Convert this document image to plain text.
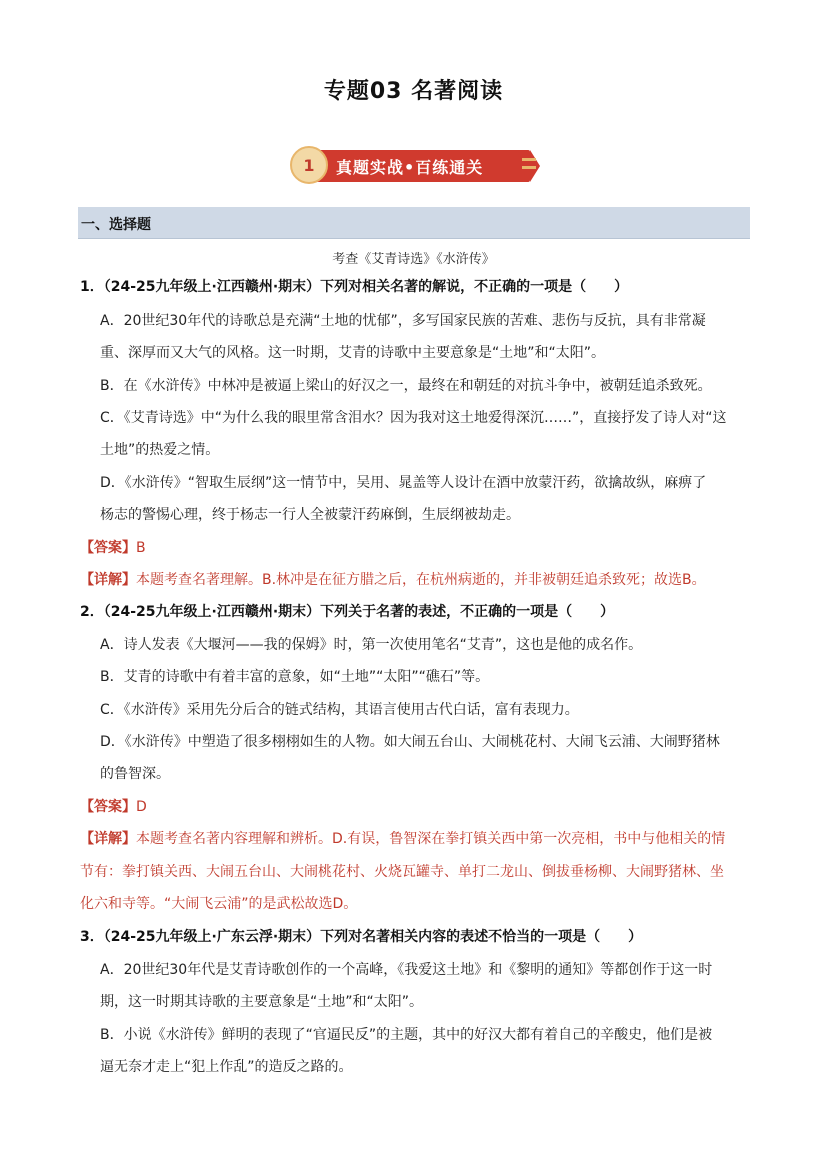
专题03 名著阅读
1	真题实战•百练通关
一、选择题
考查《艾青诗选》《水浒传》
1．（24-25九年级上·江西赣州·期末）下列对相关名著的解说，不正确的一项是（　　）
A．20世纪30年代的诗歌总是充满“土地的忧郁”，多写国家民族的苦难、悲伤与反抗，具有非常凝
重、深厚而又大气的风格。这一时期，艾青的诗歌中主要意象是“土地”和“太阳”。
B．在《水浒传》中林冲是被逼上梁山的好汉之一，最终在和朝廷的对抗斗争中，被朝廷追杀致死。
C．《艾青诗选》中“为什么我的眼里常含泪水？因为我对这土地爱得深沉……”，直接抒发了诗人对“这
土地”的热爱之情。
D．《水浒传》“智取生辰纲”这一情节中，吴用、晁盖等人设计在酒中放蒙汗药，欲擒故纵，麻痹了
杨志的警惕心理，终于杨志一行人全被蒙汗药麻倒，生辰纲被劫走。
【答案】B
【详解】本题考查名著理解。B.林冲是在征方腊之后，在杭州病逝的，并非被朝廷追杀致死；故选B。
2．（24-25九年级上·江西赣州·期末）下列关于名著的表述，不正确的一项是（　　）
A．诗人发表《大堰河——我的保姆》时，第一次使用笔名“艾青”，这也是他的成名作。
B．艾青的诗歌中有着丰富的意象，如“土地”“太阳”“礁石”等。
C．《水浒传》采用先分后合的链式结构，其语言使用古代白话，富有表现力。
D．《水浒传》中塑造了很多栩栩如生的人物。如大闹五台山、大闹桃花村、大闹飞云浦、大闹野猪林
的鲁智深。
【答案】D
【详解】本题考查名著内容理解和辨析。D.有误，鲁智深在拳打镇关西中第一次亮相，书中与他相关的情
节有：拳打镇关西、大闹五台山、大闹桃花村、火烧瓦罐寺、单打二龙山、倒拔垂杨柳、大闹野猪林、坐
化六和寺等。“大闹飞云浦”的是武松故选D。
3．（24-25九年级上·广东云浮·期末）下列对名著相关内容的表述不恰当的一项是（　　）
A．20世纪30年代是艾青诗歌创作的一个高峰，《我爱这土地》和《黎明的通知》等都创作于这一时
期，这一时期其诗歌的主要意象是“土地”和“太阳”。
B．小说《水浒传》鲜明的表现了“官逼民反”的主题，其中的好汉大都有着自己的辛酸史，他们是被
逼无奈才走上“犯上作乱”的造反之路的。
